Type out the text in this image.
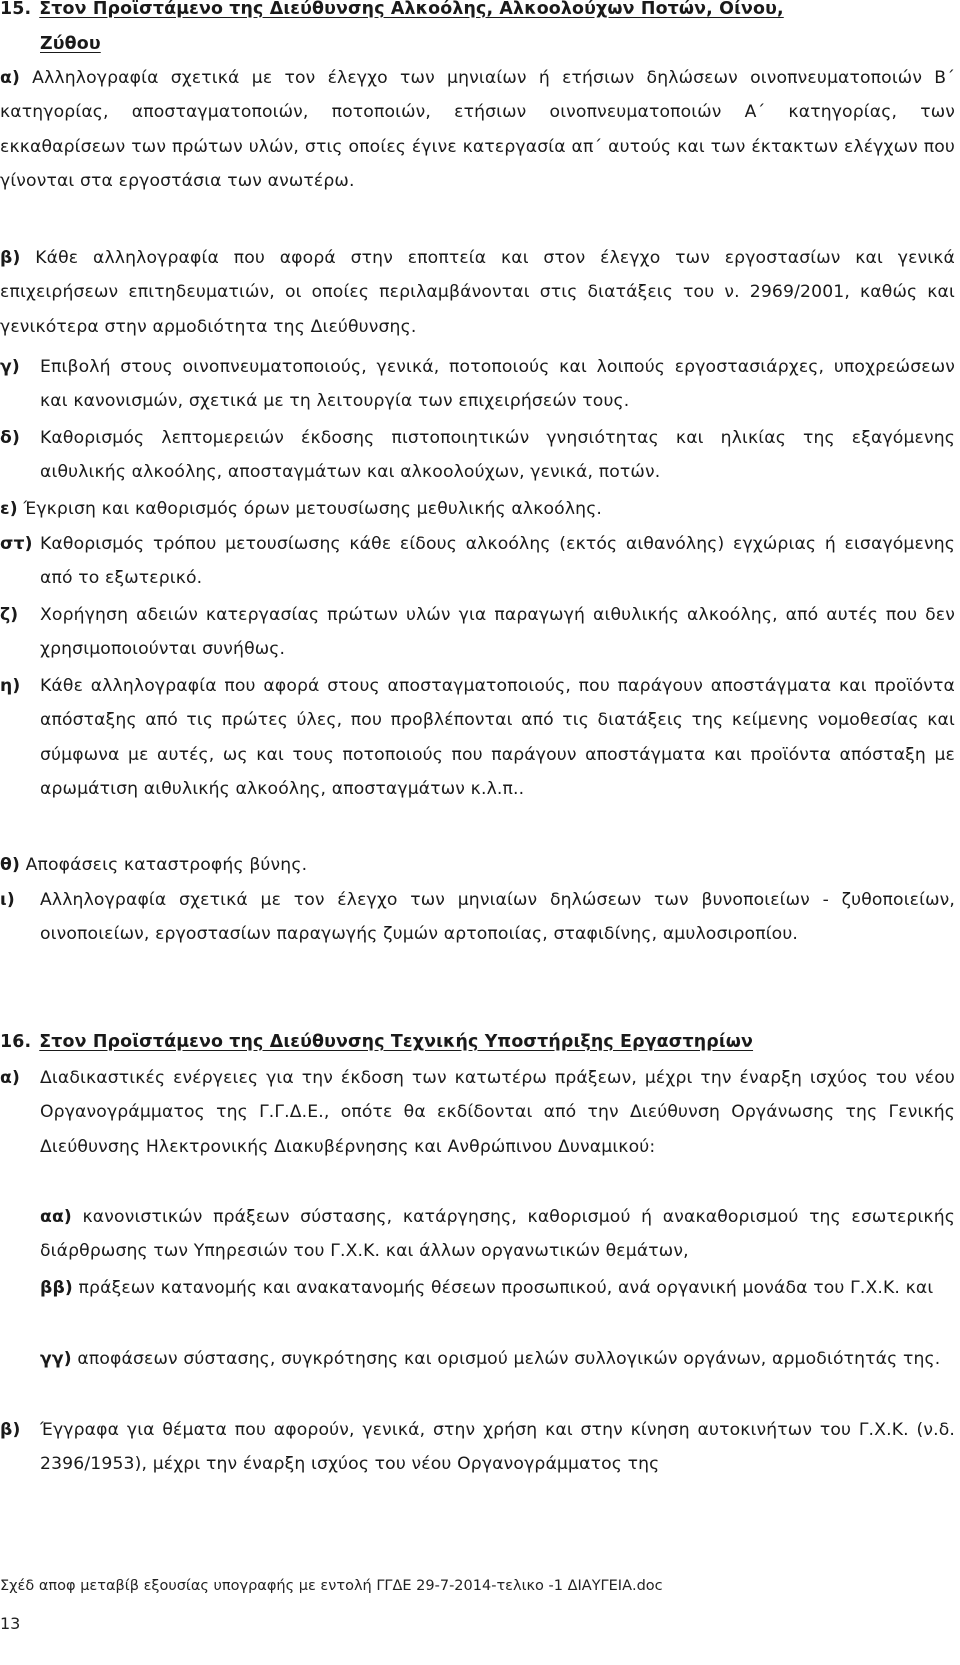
15. Στον Προϊστάμενο της Διεύθυνσης Αλκοόλης, Αλκοολούχων Ποτών, Οίνου,
Ζύθου
α) Αλληλογραφία σχετικά με τον έλεγχο των μηνιαίων ή ετήσιων δηλώσεων οινοπνευματοποιών Β΄ κατηγορίας, αποσταγματοποιών, ποτοποιών, ετήσιων οινοπνευματοποιών Α΄ κατηγορίας, των εκκαθαρίσεων των πρώτων υλών, στις οποίες έγινε κατεργασία απ΄ αυτούς και των έκτακτων ελέγχων που γίνονται στα εργοστάσια των ανωτέρω.
β) Κάθε αλληλογραφία που αφορά στην εποπτεία και στον έλεγχο των εργοστασίων και γενικά επιχειρήσεων επιτηδευματιών, οι οποίες περιλαμβάνονται στις διατάξεις του ν. 2969/2001, καθώς και γενικότερα στην αρμοδιότητα της Διεύθυνσης.
γ) Επιβολή στους οινοπνευματοποιούς, γενικά, ποτοποιούς και λοιπούς εργοστασιάρχες, υποχρεώσεων και κανονισμών, σχετικά με τη λειτουργία των επιχειρήσεών τους.
δ) Καθορισμός λεπτομερειών έκδοσης πιστοποιητικών γνησιότητας και ηλικίας της εξαγόμενης αιθυλικής αλκοόλης, αποσταγμάτων και αλκοολούχων, γενικά, ποτών.
ε) Έγκριση και καθορισμός όρων μετουσίωσης μεθυλικής αλκοόλης.
στ) Καθορισμός τρόπου μετουσίωσης κάθε είδους αλκοόλης (εκτός αιθανόλης) εγχώριας ή εισαγόμενης από το εξωτερικό.
ζ) Χορήγηση αδειών κατεργασίας πρώτων υλών για παραγωγή αιθυλικής αλκοόλης, από αυτές που δεν χρησιμοποιούνται συνήθως.
η) Κάθε αλληλογραφία που αφορά στους αποσταγματοποιούς, που παράγουν αποστάγματα και προϊόντα απόσταξης από τις πρώτες ύλες, που προβλέπονται από τις διατάξεις της κείμενης νομοθεσίας και σύμφωνα με αυτές, ως και τους ποτοποιούς που παράγουν αποστάγματα και προϊόντα απόσταξη με αρωμάτιση αιθυλικής αλκοόλης, αποσταγμάτων κ.λ.π..
θ) Αποφάσεις καταστροφής βύνης.
ι) Αλληλογραφία σχετικά με τον έλεγχο των μηνιαίων δηλώσεων των βυνοποιείων - ζυθοποιείων, οινοποιείων, εργοστασίων παραγωγής ζυμών αρτοποιίας, σταφιδίνης, αμυλοσιροπίου.
16. Στον Προϊστάμενο της Διεύθυνσης Τεχνικής Υποστήριξης Εργαστηρίων
α) Διαδικαστικές ενέργειες για την έκδοση των κατωτέρω πράξεων, μέχρι την έναρξη ισχύος του νέου Οργανογράμματος της Γ.Γ.Δ.Ε., οπότε θα εκδίδονται από την Διεύθυνση Οργάνωσης της Γενικής Διεύθυνσης Ηλεκτρονικής Διακυβέρνησης και Ανθρώπινου Δυναμικού:
αα) κανονιστικών πράξεων σύστασης, κατάργησης, καθορισμού ή ανακαθορισμού της εσωτερικής διάρθρωσης των Υπηρεσιών του Γ.Χ.Κ. και άλλων οργανωτικών θεμάτων,
ββ) πράξεων κατανομής και ανακατανομής θέσεων προσωπικού, ανά οργανική μονάδα του Γ.Χ.Κ. και
γγ) αποφάσεων σύστασης, συγκρότησης και ορισμού μελών συλλογικών οργάνων, αρμοδιότητάς της.
β) Έγγραφα για θέματα που αφορούν, γενικά, στην χρήση και στην κίνηση αυτοκινήτων του Γ.Χ.Κ. (ν.δ. 2396/1953), μέχρι την έναρξη ισχύος του νέου Οργανογράμματος της
Σχέδ αποφ μεταβίβ εξουσίας υπογραφής με εντολή ΓΓΔΕ 29-7-2014-τελικο -1 ΔΙΑΥΓΕΙΑ.doc
13
